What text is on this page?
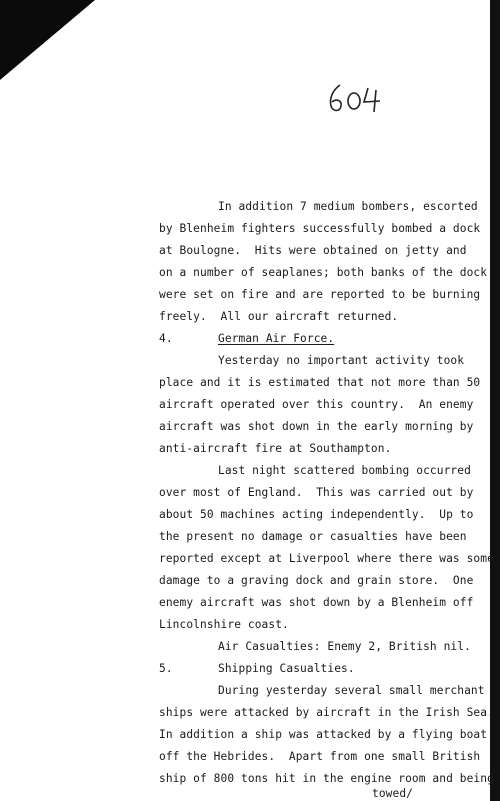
In addition 7 medium bombers, escorted
by Blenheim fighters successfully bombed a dock
at Boulogne.  Hits were obtained on jetty and
on a number of seaplanes; both banks of the dock
were set on fire and are reported to be burning
freely.  All our aircraft returned.
4.	German Air Force.
Yesterday no important activity took
place and it is estimated that not more than 50
aircraft operated over this country.  An enemy
aircraft was shot down in the early morning by
anti-aircraft fire at Southampton.
Last night scattered bombing occurred
over most of England.  This was carried out by
about 50 machines acting independently.  Up to
the present no damage or casualties have been
reported except at Liverpool where there was some
damage to a graving dock and grain store.  One
enemy aircraft was shot down by a Blenheim off
Lincolnshire coast.
Air Casualties: Enemy 2, British nil.
5.	Shipping Casualties.
During yesterday several small merchant
ships were attacked by aircraft in the Irish Sea.
In addition a ship was attacked by a flying boat
off the Hebrides.  Apart from one small British
ship of 800 tons hit in the engine room and being
towed/
